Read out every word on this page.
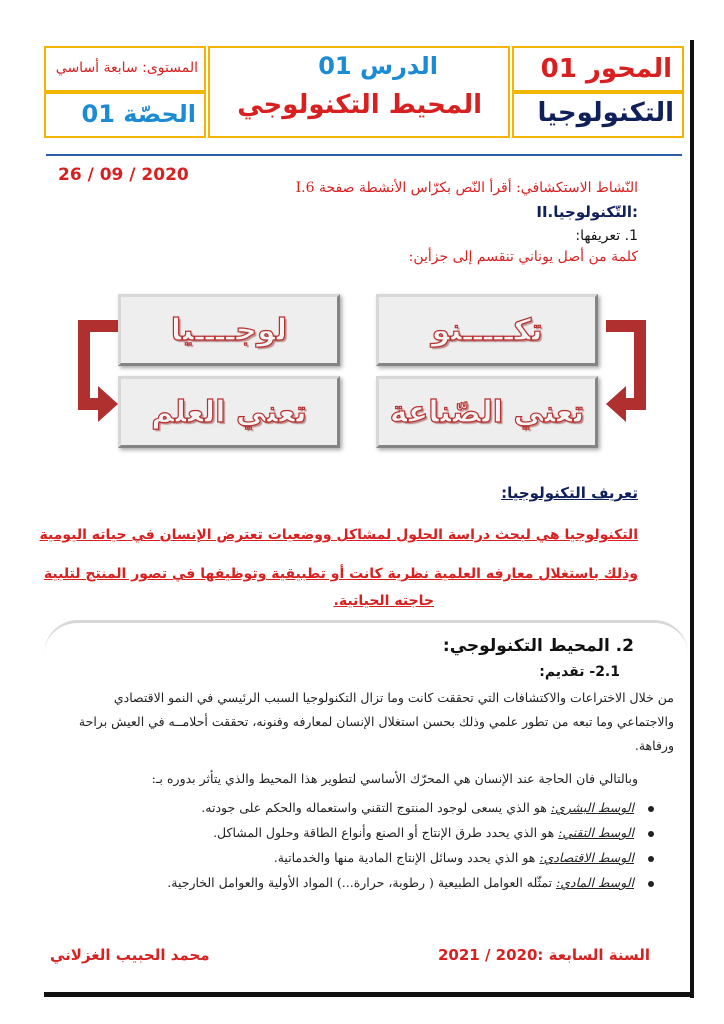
المحور 01
التكنولوجيا
الدرس 01
المحيط التكنولوجي
المستوى: سابعة أساسي
الحصّة 01
26 / 09 / 2020
I.النّشاط الاستكشافي: أقرأ النّص بكرّاس الأنشطة صفحة 6
II.التّكنولوجيا:
1. تعريفها:
كلمة من أصل يوناني تنقسم إلى جزأين:
تكـــــنو
لوجــــيا
تعني الصّناعة
تعني العلم
تعريف التكنولوجيا:
التكنولوجيا هي لبحث دراسة الحلول لمشاكل ووضعيات تعترض الإنسان في حياته اليومية
وذلك باستغلال معارفه العلمية نظرية كانت أو تطبيقية وتوظيفها في تصور المنتج لتلبية
حاجته الحياتية.
2. المحيط التكنولوجي:
2.1- تقديم:
من خلال الاختراعات والاكتشافات التي تحققت كانت وما تزال التكنولوجيا السبب الرئيسي في النمو الاقتصادي
والاجتماعي وما تبعه من تطور علمي وذلك بحسن استغلال الإنسان لمعارفه وفنونه، تحققت أحلامــه في العيش براحة
ورفاهة.
وبالتالي فان الحاجة عند الإنسان هي المحرّك الأساسي لتطوير هذا المحيط والذي يتأثر بدوره بـ:
الوسط البشري: هو الذي يسعى لوجود المنتوج التقني واستعماله والحكم على جودته.
الوسط التقني: هو الذي يحدد طرق الإنتاج أو الصنع وأنواع الطاقة وحلول المشاكل.
الوسط الاقتصادي: هو الذي يحدد وسائل الإنتاج المادية منها والخدماتية.
الوسط المادي: تمثّله العوامل الطبيعية ( رطوبة، حرارة...) المواد الأولية والعوامل الخارجية.
السنة السابعة :2020 / 2021
محمد الحبيب الغزلاني
